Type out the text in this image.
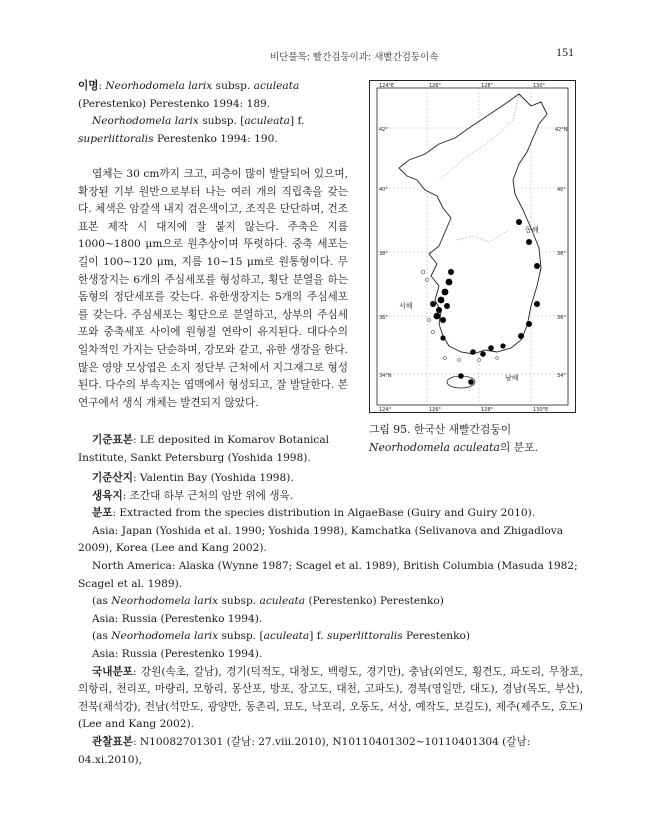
비단풀목: 빨간검둥이과: 새빨간검둥이속	151

이명: Neorhodomela larix subsp. aculeata (Perestenko) Perestenko 1994: 189.

Neorhodomela larix subsp. [aculeata] f. superlittoralis Perestenko 1994: 190.

엽체는 30 cm까지 크고, 피층이 많이 발달되어 있으며, 확장된 기부 원반으로부터 나는 여러 개의 직립축을 갖는다. 체색은 암갈색 내지 검은색이고, 조직은 단단하며, 건조표본 제작 시 대지에 잘 붙지 않는다. 주축은 지름 1000~1800 μm으로 원추상이며 뚜렷하다. 중축 세포는 길이 100~120 μm, 지름 10~15 μm로 원통형이다. 무한생장지는 6개의 주심세포를 형성하고, 횡단 분열을 하는 돔형의 정단세포를 갖는다. 유한생장지는 5개의 주심세포를 갖는다. 주심세포는 횡단으로 분열하고, 상부의 주심세포와 중축세포 사이에 원형질 연락이 유지된다. 대다수의 일차적인 가지는 단순하며, 강모와 같고, 유한 생장을 한다. 많은 영양 모상엽은 소지 정단부 근처에서 지그재그로 형성된다. 다수의 부속지는 엽맥에서 형성되고, 잘 발달한다. 본 연구에서 생식 개체는 발견되지 않았다.

기준표본: LE deposited in Komarov Botanical Institute, Sankt Petersburg (Yoshida 1998).

124°E	126°	128°	130°
124°	126°	128°	130°E
42°N
40°
38°
36°
34°
42°
40°
38°
36°
34°N
동해
서해
남해

그림 95. 한국산 새빨간검둥이 Neorhodomela aculeata의 분포.

기준산지: Valentin Bay (Yoshida 1998).

생육지: 조간대 하부 근처의 암반 위에 생육.

분포: Extracted from the species distribution in AlgaeBase (Guiry and Guiry 2010).

Asia: Japan (Yoshida et al. 1990; Yoshida 1998), Kamchatka (Selivanova and Zhigadlova 2009), Korea (Lee and Kang 2002).

North America: Alaska (Wynne 1987; Scagel et al. 1989), British Columbia (Masuda 1982; Scagel et al. 1989).

(as Neorhodomela larix subsp. aculeata (Perestenko) Perestenko)

Asia: Russia (Perestenko 1994).

(as Neorhodomela larix subsp. [aculeata] f. superlittoralis Perestenko)

Asia: Russia (Perestenko 1994).

국내분포: 강원(속초, 갈남), 경기(덕적도, 대청도, 백령도, 경기만), 충남(외연도, 횡견도, 파도리, 무창포, 의항리, 천리포, 마량리, 모항리, 몽산포, 방포, 장고도, 대천, 고파도), 경북(영일만, 대도), 경남(목도, 부산), 전북(채석강), 전남(석만도, 광양만, 동촌리, 묘도, 낙포리, 오동도, 서상, 예작도, 보길도), 제주(제주도, 호도) (Lee and Kang 2002).

관찰표본: N10082701301 (갈남: 27.viii.2010), N10110401302~10110401304 (갈남: 04.xi.2010),
